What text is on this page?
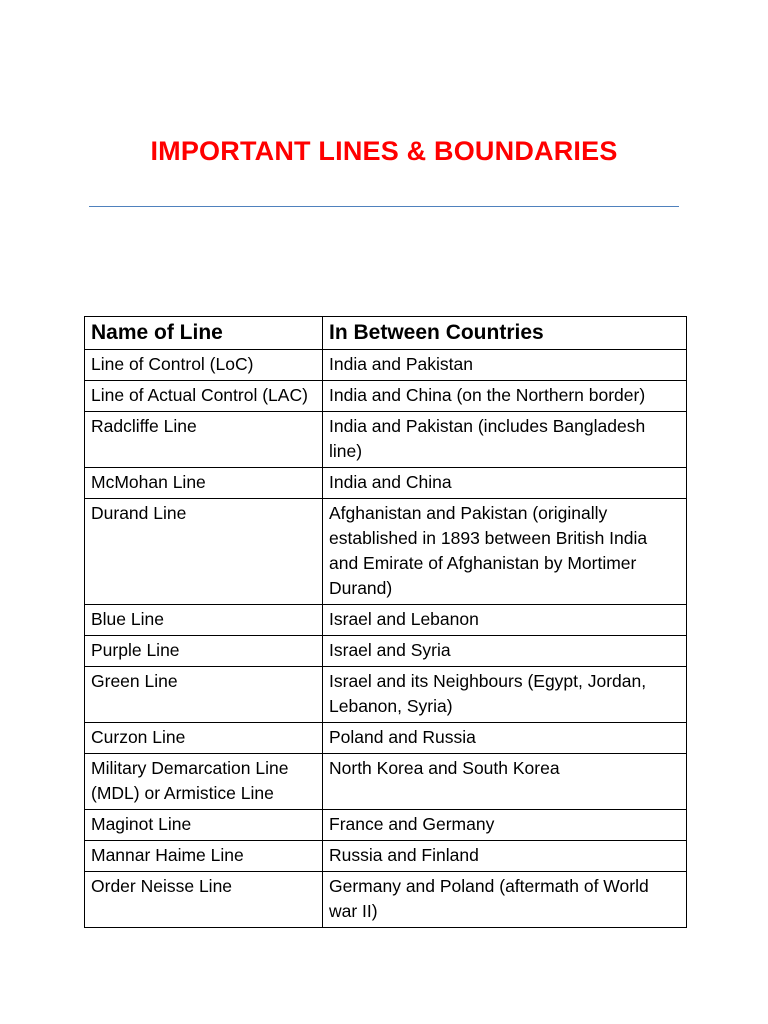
IMPORTANT LINES & BOUNDARIES
Name of Line	In Between Countries
Line of Control (LoC)	India and Pakistan
Line of Actual Control (LAC)	India and China (on the Northern border)
Radcliffe Line	India and Pakistan (includes Bangladesh line)
McMohan Line	India and China
Durand Line	Afghanistan and Pakistan (originally established in 1893 between British India and Emirate of Afghanistan by Mortimer Durand)
Blue Line	Israel and Lebanon
Purple Line	Israel and Syria
Green Line	Israel and its Neighbours (Egypt, Jordan, Lebanon, Syria)
Curzon Line	Poland and Russia
Military Demarcation Line (MDL) or Armistice Line	North Korea and South Korea
Maginot Line	France and Germany
Mannar Haime Line	Russia and Finland
Order Neisse Line	Germany and Poland (aftermath of World war II)
